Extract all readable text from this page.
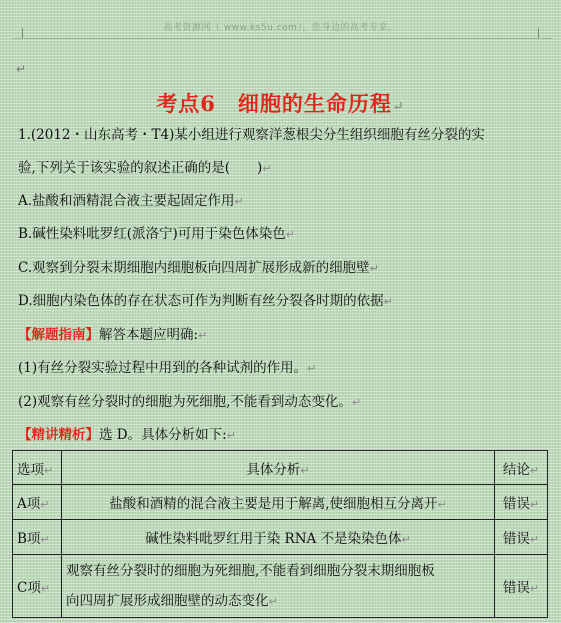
高考资源网（ www.ks5u.com），您身边的高考专家。
↵
考点6　细胞的生命历程↵
1.(2012・山东高考・T4)某小组进行观察洋葱根尖分生组织细胞有丝分裂的实
验,下列关于该实验的叙述正确的是(　　)↵
A.盐酸和酒精混合液主要起固定作用↵
B.碱性染料吡罗红(派洛宁)可用于染色体染色↵
C.观察到分裂末期细胞内细胞板向四周扩展形成新的细胞壁↵
D.细胞内染色体的存在状态可作为判断有丝分裂各时期的依据↵
【解题指南】解答本题应明确:↵
(1)有丝分裂实验过程中用到的各种试剂的作用。↵
(2)观察有丝分裂时的细胞为死细胞,不能看到动态变化。↵
【精讲精析】选 D。具体分析如下:↵
选项↵	具体分析↵	结论↵
A项↵	盐酸和酒精的混合液主要是用于解离,使细胞相互分离开↵	错误↵
B项↵	碱性染料吡罗红用于染 RNA 不是染染色体↵	错误↵
C项↵	观察有丝分裂时的细胞为死细胞,不能看到细胞分裂末期细胞板
向四周扩展形成细胞壁的动态变化↵	错误↵
